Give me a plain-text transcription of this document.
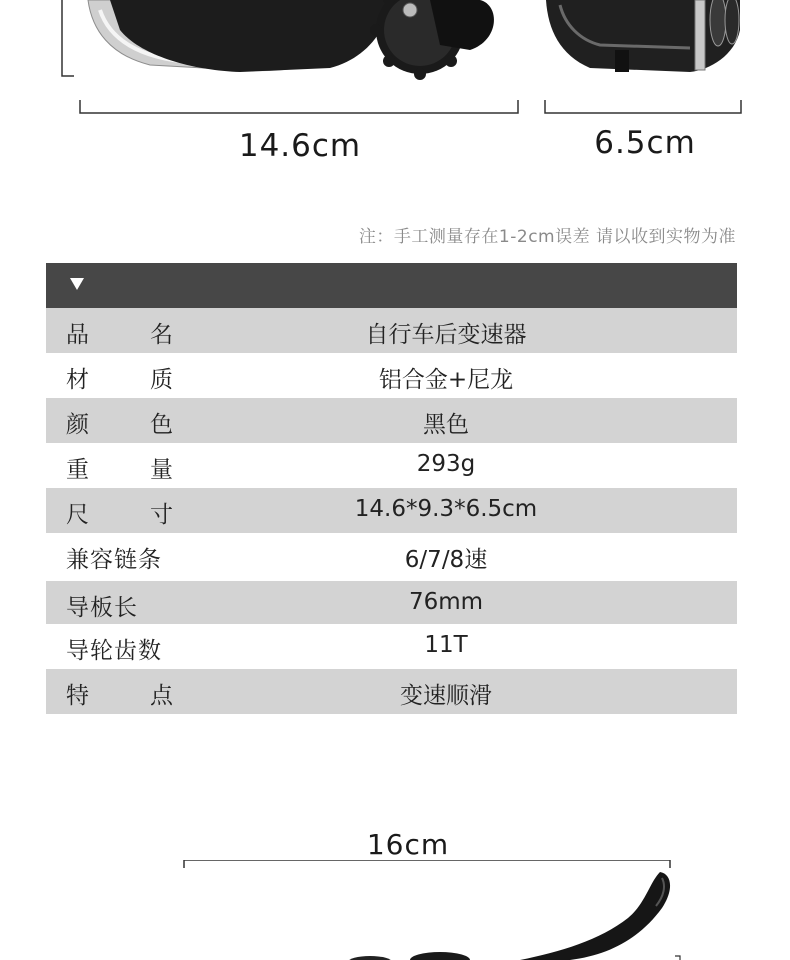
14.6cm	6.5cm
注：手工测量存在1-2cm误差 请以收到实物为准
品	名	自行车后变速器
材	质	铝合金+尼龙
颜	色	黑色
重	量	293g
尺	寸	14.6*9.3*6.5cm
兼容链条	6/7/8速
导板长	76mm
导轮齿数	11T
特	点	变速顺滑
16cm
